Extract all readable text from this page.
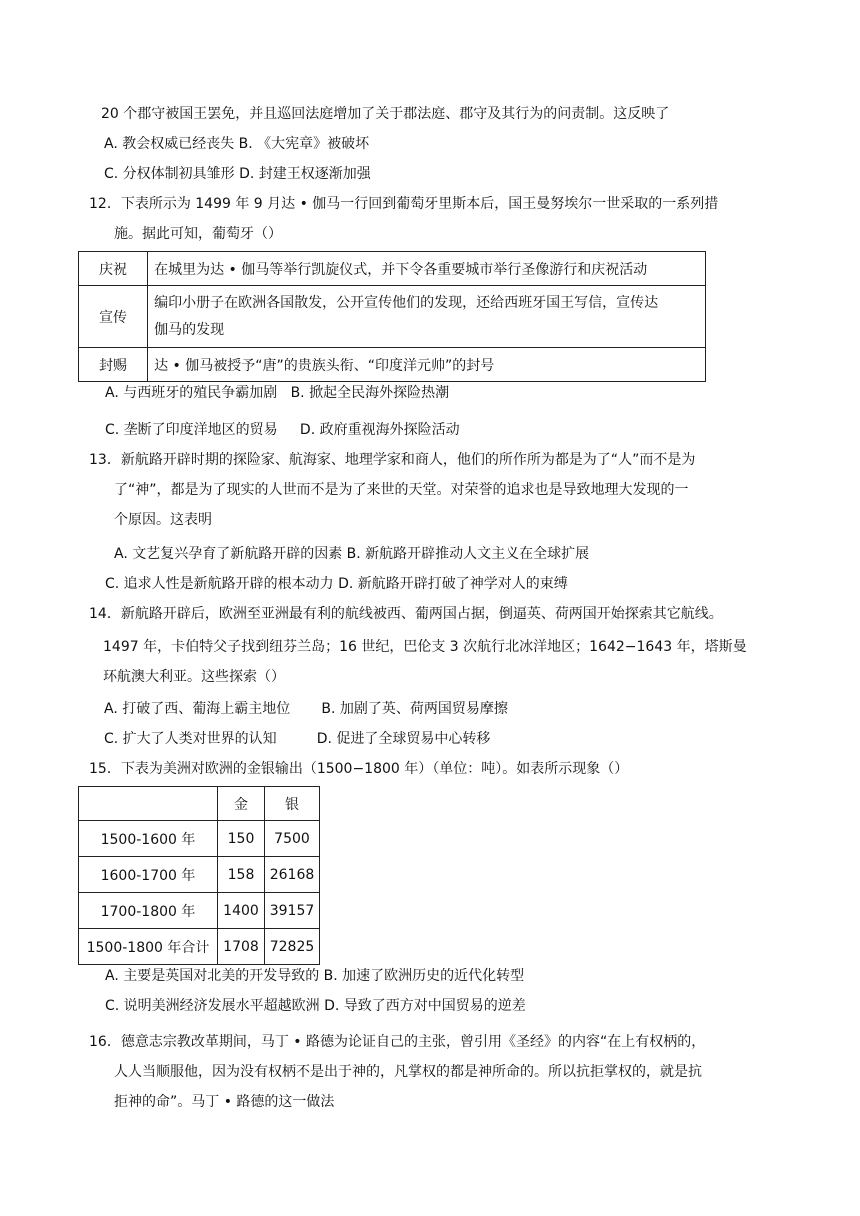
20 个郡守被国王罢免，并且巡回法庭增加了关于郡法庭、郡守及其行为的问责制。这反映了
A. 教会权威已经丧失 B. 《大宪章》被破坏
C. 分权体制初具雏形 D. 封建王权逐渐加强
12．下表所示为 1499 年 9 月达 • 伽马一行回到葡萄牙里斯本后，国王曼努埃尔一世采取的一系列措
施。据此可知，葡萄牙（）
庆祝	在城里为达 • 伽马等举行凯旋仪式，并下令各重要城市举行圣像游行和庆祝活动
宣传	编印小册子在欧洲各国散发，公开宣传他们的发现，还给西班牙国王写信，宣传达
伽马的发现

封赐	达 • 伽马被授予“唐”的贵族头衔、“印度洋元帅”的封号
A. 与西班牙的殖民争霸加剧   B. 掀起全民海外探险热潮
C. 垄断了印度洋地区的贸易     D. 政府重视海外探险活动
13．新航路开辟时期的探险家、航海家、地理学家和商人，他们的所作所为都是为了“人”而不是为
了“神”，都是为了现实的人世而不是为了来世的天堂。对荣誉的追求也是导致地理大发现的一
个原因。这表明
A. 文艺复兴孕育了新航路开辟的因素 B. 新航路开辟推动人文主义在全球扩展
C. 追求人性是新航路开辟的根本动力 D. 新航路开辟打破了神学对人的束缚
14．新航路开辟后，欧洲至亚洲最有利的航线被西、葡两国占据，倒逼英、荷两国开始探索其它航线。
1497 年，卡伯特父子找到纽芬兰岛；16 世纪，巴伦支 3 次航行北冰洋地区；1642−1643 年，塔斯曼
环航澳大利亚。这些探索（）
A. 打破了西、葡海上霸主地位       B. 加剧了英、荷两国贸易摩擦
C. 扩大了人类对世界的认知         D. 促进了全球贸易中心转移
15．下表为美洲对欧洲的金银输出（1500−1800 年）（单位：吨）。如表所示现象（）
	金	银
1500-1600 年	150	7500
1600-1700 年	158	26168
1700-1800 年	1400	39157
1500-1800 年合计	1708	72825
A. 主要是英国对北美的开发导致的 B. 加速了欧洲历史的近代化转型
C. 说明美洲经济发展水平超越欧洲 D. 导致了西方对中国贸易的逆差
16．德意志宗教改革期间，马丁 • 路德为论证自己的主张，曾引用《圣经》的内容“在上有权柄的，
人人当顺服他，因为没有权柄不是出于神的，凡掌权的都是神所命的。所以抗拒掌权的，就是抗
拒神的命”。马丁 • 路德的这一做法
